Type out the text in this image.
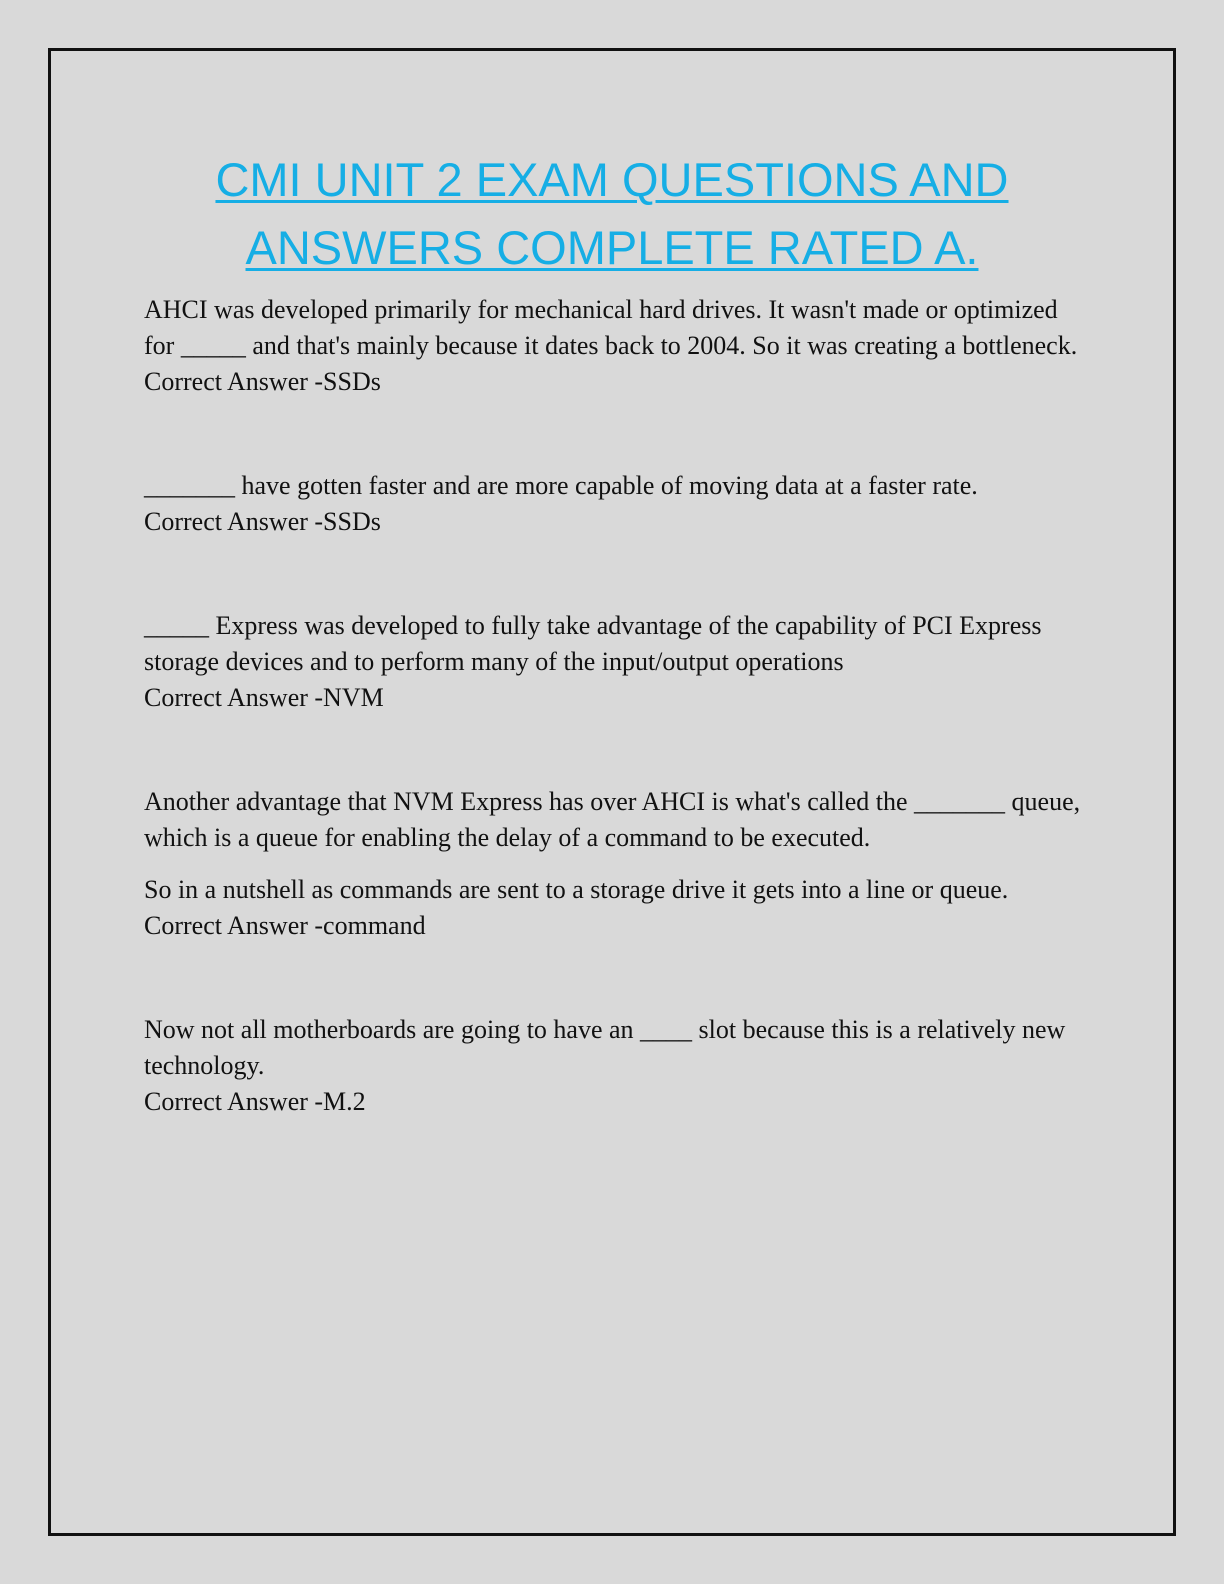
CMI UNIT 2 EXAM QUESTIONS AND
ANSWERS COMPLETE RATED A.

AHCI was developed primarily for mechanical hard drives. It wasn't made or optimized for _____ and that's mainly because it dates back to 2004. So it was creating a bottleneck.

Correct Answer -SSDs

_______ have gotten faster and are more capable of moving data at a faster rate.

Correct Answer -SSDs

_____ Express was developed to fully take advantage of the capability of PCI Express storage devices and to perform many of the input/output operations

Correct Answer -NVM

Another advantage that NVM Express has over AHCI is what's called the _______ queue, which is a queue for enabling the delay of a command to be executed.

So in a nutshell as commands are sent to a storage drive it gets into a line or queue.

Correct Answer -command

Now not all motherboards are going to have an ____ slot because this is a relatively new technology.

Correct Answer -M.2
